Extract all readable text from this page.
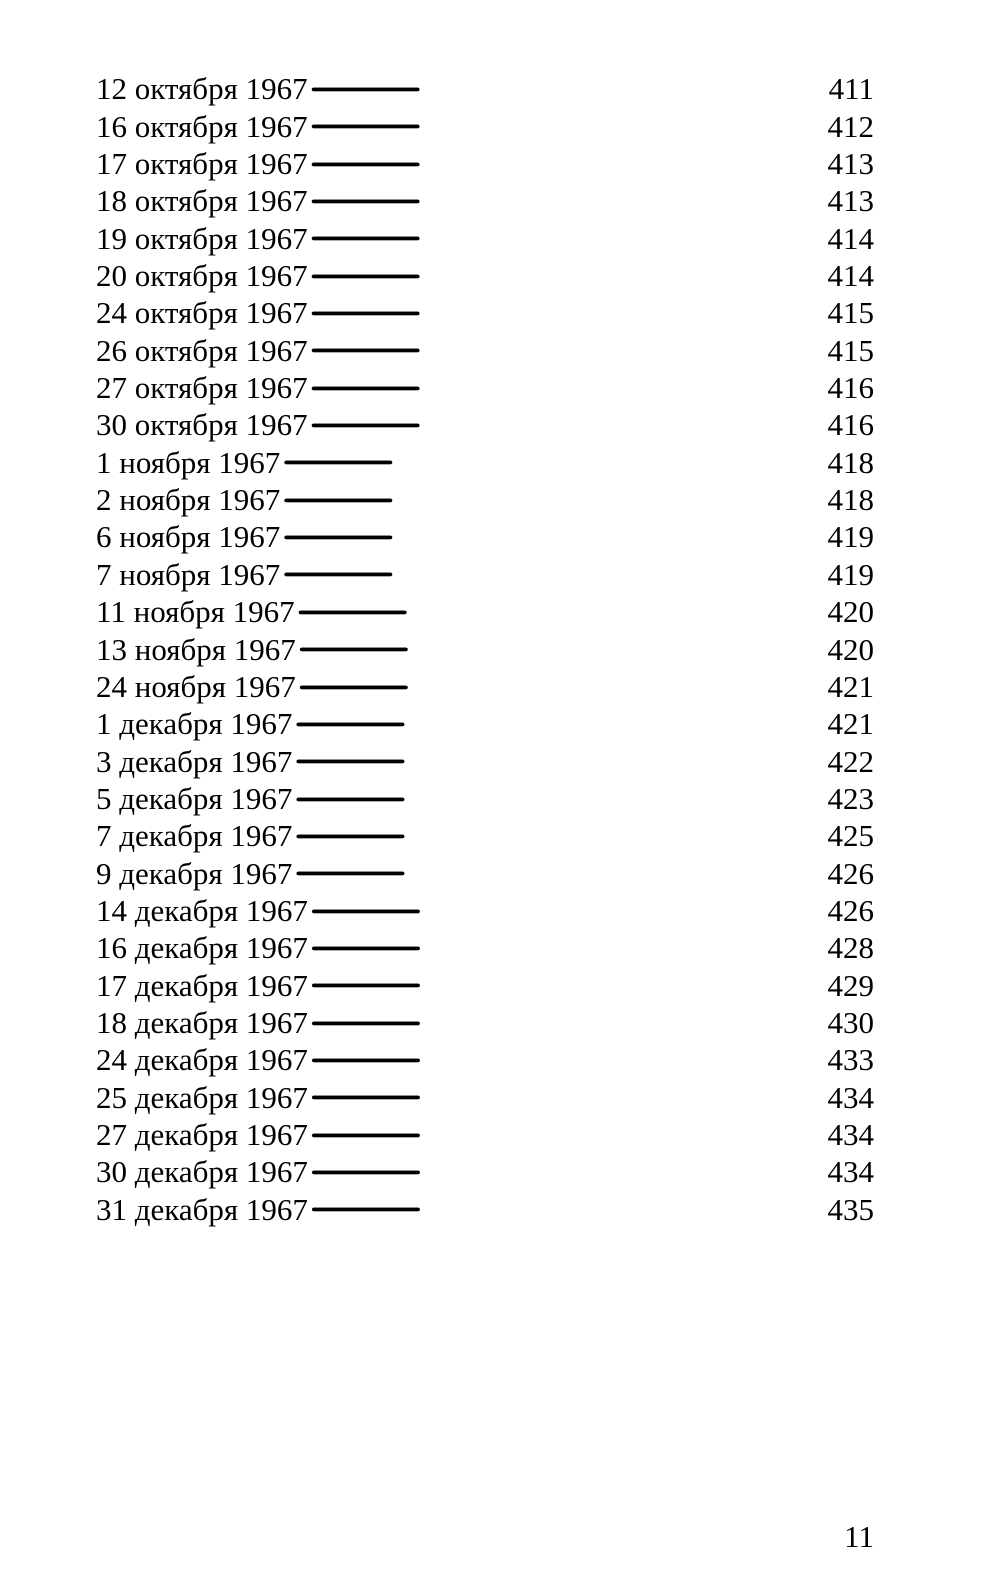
12 октября 1967 . . .	411
16 октября 1967 . . .	412
17 октября 1967 . . .	413
18 октября 1967 . . .	413
19 октября 1967 . . .	414
20 октября 1967 . . .	414
24 октября 1967 . . .	415
26 октября 1967 . . .	415
27 октября 1967 . . .	416
30 октября 1967 . . .	416
1 ноября 1967 . . .	418
2 ноября 1967 . . .	418
6 ноября 1967 . . .	419
7 ноября 1967 . . .	419
11 ноября 1967 . . .	420
13 ноября 1967 . . .	420
24 ноября 1967 . . .	421
1 декабря 1967 . . .	421
3 декабря 1967 . . .	422
5 декабря 1967 . . .	423
7 декабря 1967 . . .	425
9 декабря 1967 . . .	426
14 декабря 1967 . . .	426
16 декабря 1967 . . .	428
17 декабря 1967 . . .	429
18 декабря 1967 . . .	430
24 декабря 1967 . . .	433
25 декабря 1967 . . .	434
27 декабря 1967 . . .	434
30 декабря 1967 . . .	434
31 декабря 1967 . . .	435
11
